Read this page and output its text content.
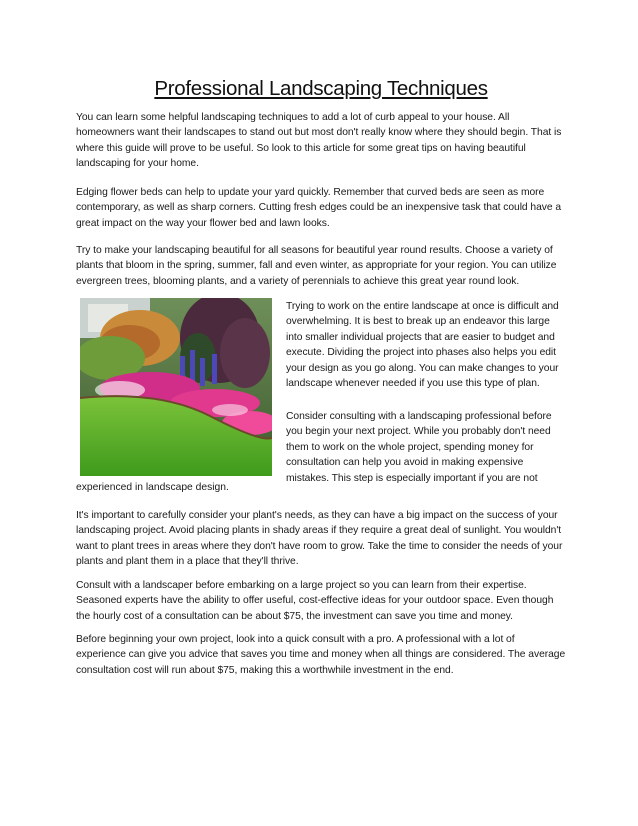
Professional Landscaping Techniques

You can learn some helpful landscaping techniques to add a lot of curb appeal to your house. All homeowners want their landscapes to stand out but most don't really know where they should begin. That is where this guide will prove to be useful. So look to this article for some great tips on having beautiful landscaping for your home.

Edging flower beds can help to update your yard quickly. Remember that curved beds are seen as more contemporary, as well as sharp corners. Cutting fresh edges could be an inexpensive task that could have a great impact on the way your flower bed and lawn looks.

Try to make your landscaping beautiful for all seasons for beautiful year round results. Choose a variety of plants that bloom in the spring, summer, fall and even winter, as appropriate for your region. You can utilize evergreen trees, blooming plants, and a variety of perennials to achieve this great year round look.

Trying to work on the entire landscape at once is difficult and overwhelming. It is best to break up an endeavor this large into smaller individual projects that are easier to budget and execute. Dividing the project into phases also helps you edit your design as you go along. You can make changes to your landscape whenever needed if you use this type of plan.

Consider consulting with a landscaping professional before you begin your next project. While you probably don't need them to work on the whole project, spending money for consultation can help you avoid in making expensive mistakes. This step is especially important if you are not

experienced in landscape design.

It's important to carefully consider your plant's needs, as they can have a big impact on the success of your landscaping project. Avoid placing plants in shady areas if they require a great deal of sunlight. You wouldn't want to plant trees in areas where they don't have room to grow. Take the time to consider the needs of your plants and plant them in a place that they'll thrive.

Consult with a landscaper before embarking on a large project so you can learn from their expertise. Seasoned experts have the ability to offer useful, cost-effective ideas for your outdoor space. Even though the hourly cost of a consultation can be about $75, the investment can save you time and money.

Before beginning your own project, look into a quick consult with a pro. A professional with a lot of experience can give you advice that saves you time and money when all things are considered. The average consultation cost will run about $75, making this a worthwhile investment in the end.
